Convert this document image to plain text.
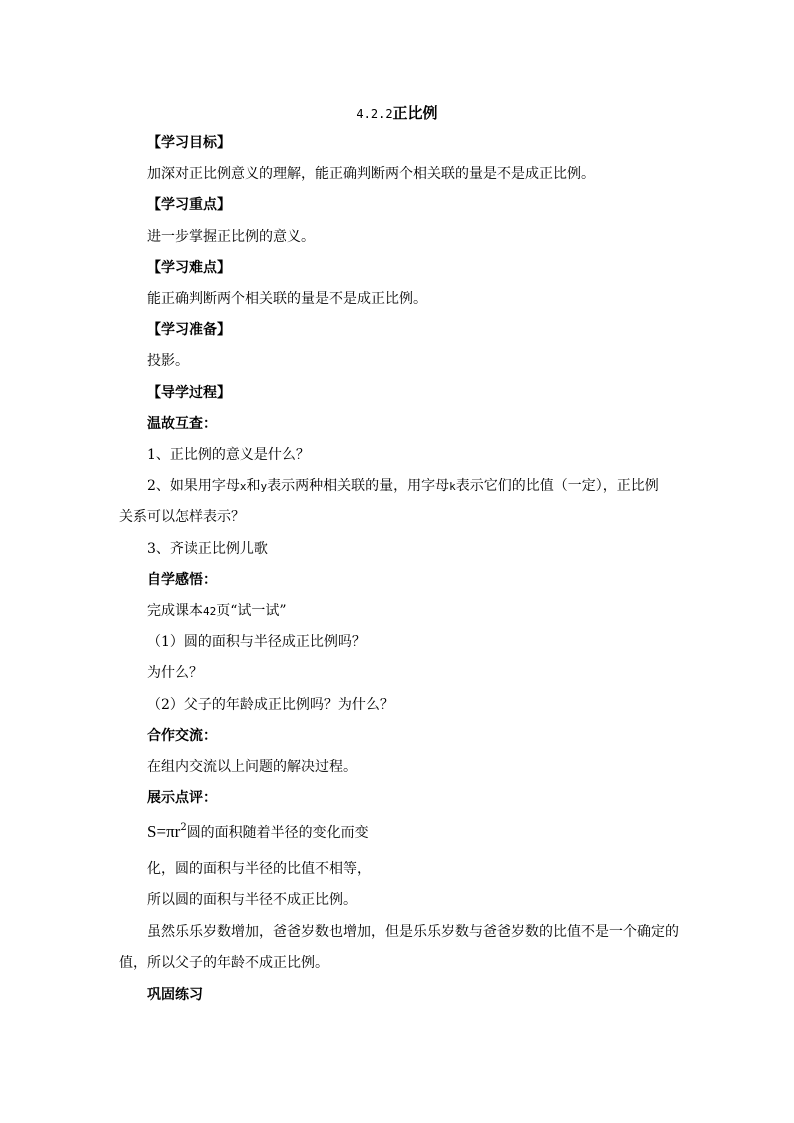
4.2.2正比例
【学习目标】
加深对正比例意义的理解，能正确判断两个相关联的量是不是成正比例。
【学习重点】
进一步掌握正比例的意义。
【学习难点】
能正确判断两个相关联的量是不是成正比例。
【学习准备】
投影。
【导学过程】
温故互查：
1、正比例的意义是什么？
2、如果用字母x和y表示两种相关联的量，用字母k表示它们的比值（一定），正比例
关系可以怎样表示？
3、齐读正比例儿歌
自学感悟：
完成课本42页“试一试”
（1）圆的面积与半径成正比例吗？
为什么？
（2）父子的年龄成正比例吗？为什么？
合作交流：
在组内交流以上问题的解决过程。
展示点评：
$S=\pi r^2$圆的面积随着半径的变化而变
化，圆的面积与半径的比值不相等，
所以圆的面积与半径不成正比例。
虽然乐乐岁数增加，爸爸岁数也增加，但是乐乐岁数与爸爸岁数的比值不是一个确定的
值，所以父子的年龄不成正比例。
巩固练习
